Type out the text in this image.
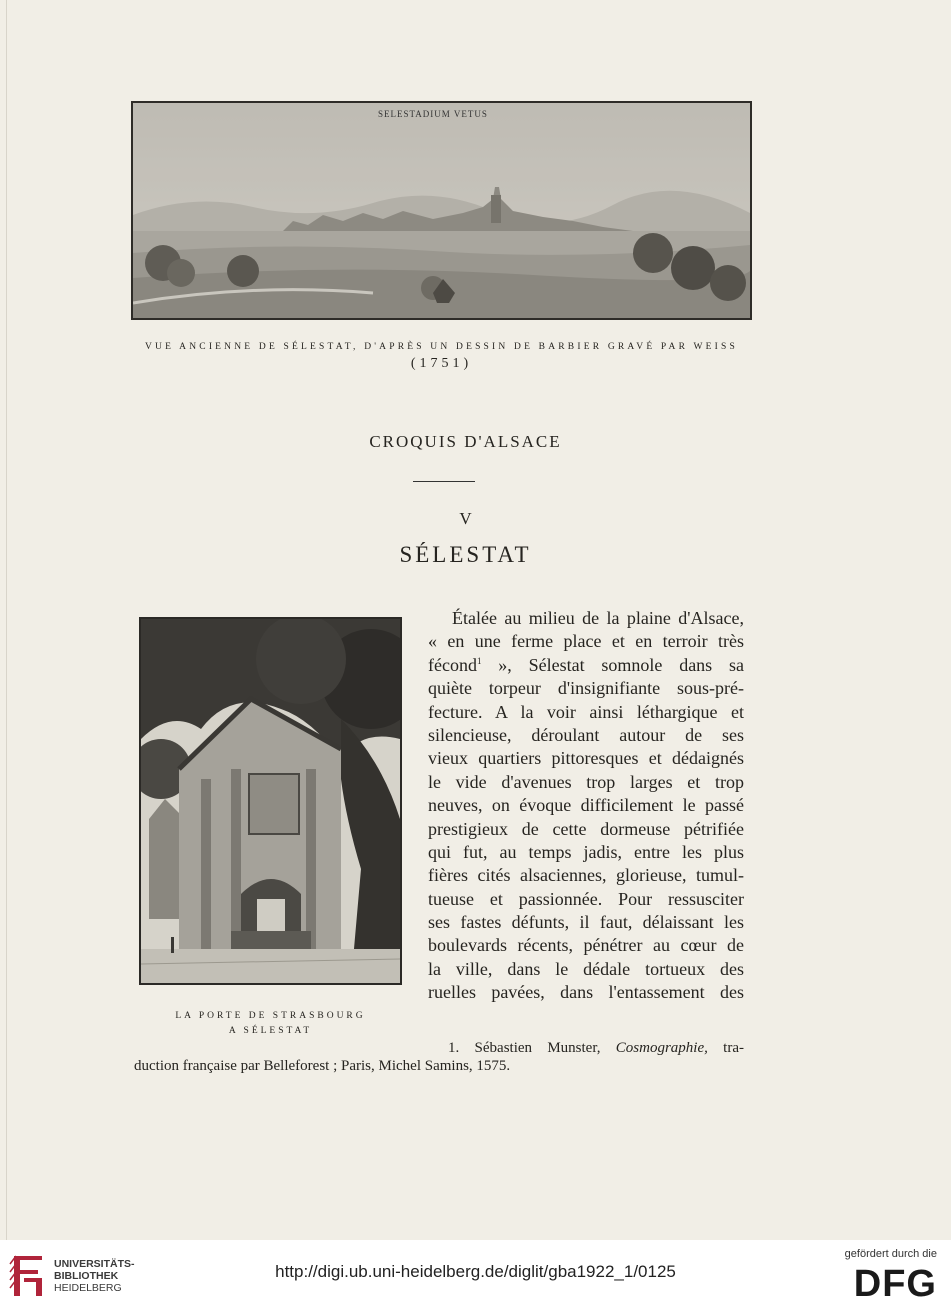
SELESTADIUM VETUS
VUE ANCIENNE DE SÉLESTAT, D'APRÈS UN DESSIN DE BARBIER GRAVÉ PAR WEISS
(1751)
CROQUIS D'ALSACE
V
SÉLESTAT
LA PORTE DE STRASBOURG
A SÉLESTAT
Étalée au milieu de la plaine d'Alsace,
« en une ferme place et en terroir très
fécond$^1$ », Sélestat somnole dans sa
quiète torpeur d'insignifiante sous-pré-
fecture. A la voir ainsi léthargique et
silencieuse, déroulant autour de ses
vieux quartiers pittoresques et dédaignés
le vide d'avenues trop larges et trop
neuves, on évoque difficilement le passé
prestigieux de cette dormeuse pétrifiée
qui fut, au temps jadis, entre les plus
fières cités alsaciennes, glorieuse, tumul-
tueuse et passionnée. Pour ressusciter
ses fastes défunts, il faut, délaissant les
boulevards récents, pénétrer au cœur de
la ville, dans le dédale tortueux des
ruelles pavées, dans l'entassement des
1. Sébastien Munster, Cosmographie, tra-
duction française par Belleforest ; Paris, Michel Samins, 1575.
UNIVERSITÄTS-
BIBLIOTHEK
HEIDELBERG
http://digi.ub.uni-heidelberg.de/diglit/gba1922_1/0125
gefördert durch die
DFG
